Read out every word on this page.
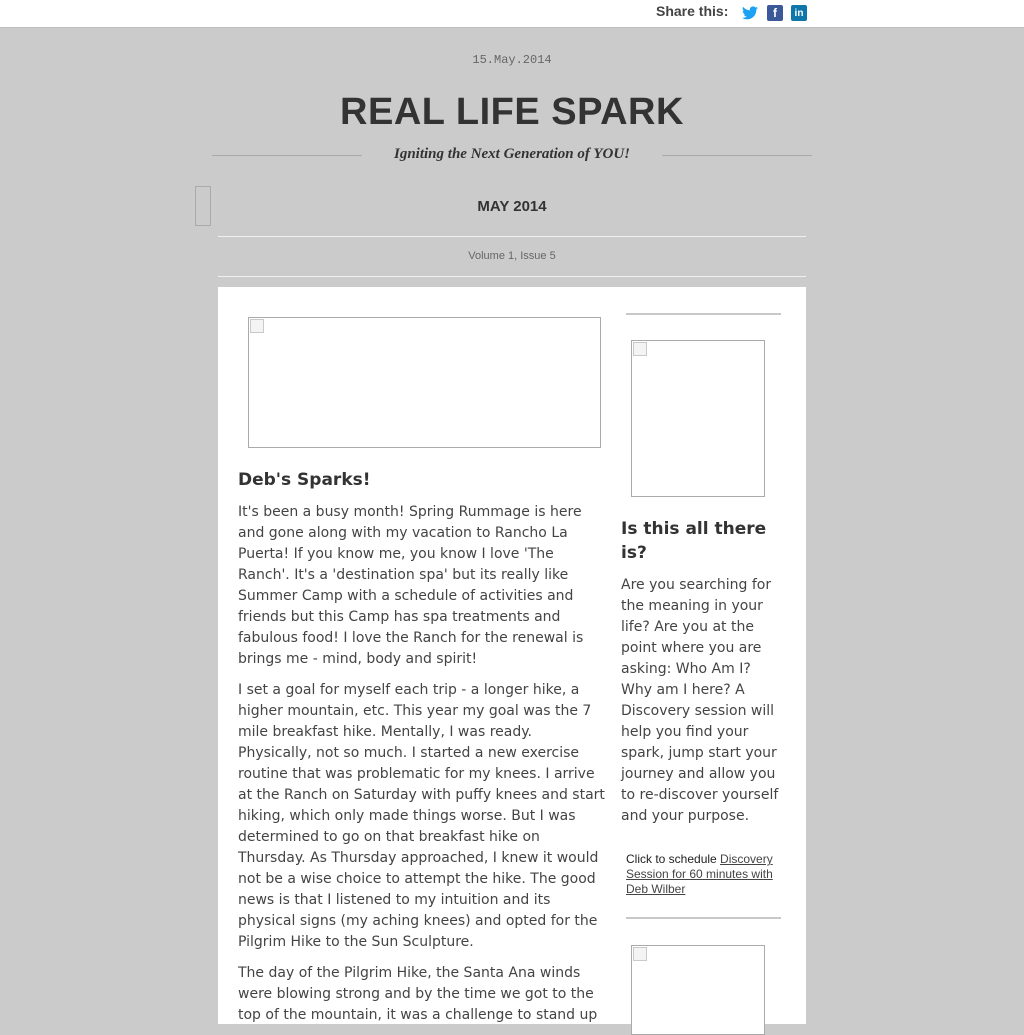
Share this:	f	in
15.May.2014
REAL LIFE SPARK
Igniting the Next Generation of YOU!
MAY 2014
Volume 1, Issue 5
Deb's Sparks!

It's been a busy month! Spring Rummage is here
and gone along with my vacation to Rancho La
Puerta! If you know me, you know I love 'The
Ranch'. It's a 'destination spa' but its really like
Summer Camp with a schedule of activities and
friends but this Camp has spa treatments and
fabulous food! I love the Ranch for the renewal is
brings me - mind, body and spirit!

I set a goal for myself each trip - a longer hike, a
higher mountain, etc. This year my goal was the 7
mile breakfast hike. Mentally, I was ready.
Physically, not so much. I started a new exercise
routine that was problematic for my knees. I arrive
at the Ranch on Saturday with puffy knees and start
hiking, which only made things worse. But I was
determined to go on that breakfast hike on
Thursday. As Thursday approached, I knew it would
not be a wise choice to attempt the hike. The good
news is that I listened to my intuition and its
physical signs (my aching knees) and opted for the
Pilgrim Hike to the Sun Sculpture.

The day of the Pilgrim Hike, the Santa Ana winds
were blowing strong and by the time we got to the
top of the mountain, it was a challenge to stand up

Is this all there
is?

Are you searching for
the meaning in your
life? Are you at the
point where you are
asking: Who Am I?
Why am I here? A
Discovery session will
help you find your
spark, jump start your
journey and allow you
to re-discover yourself
and your purpose.

Click to schedule Discovery Session for 60 minutes with Deb Wilber
